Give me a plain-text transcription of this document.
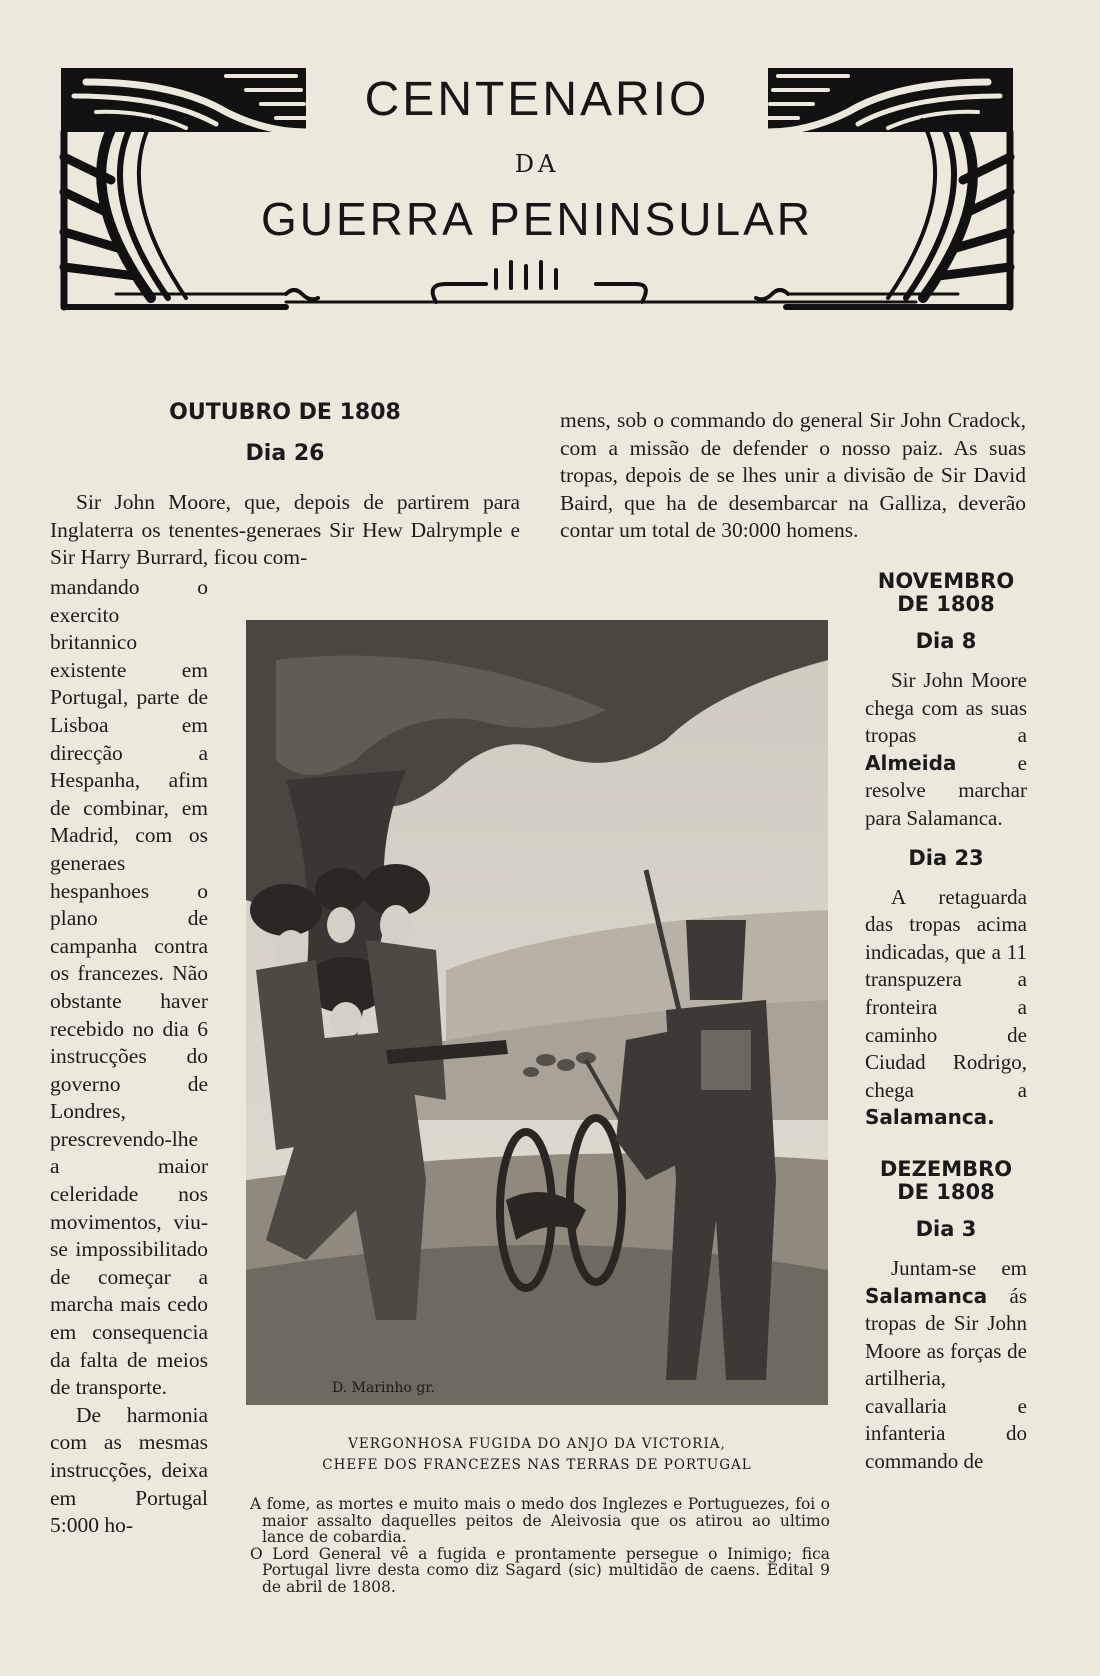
CENTENARIO
DA
GUERRA PENINSULAR
OUTUBRO DE 1808
Dia 26

Sir John Moore, que, depois de partirem para Inglaterra os tenentes-generaes Sir Hew Dalrymple e Sir Harry Burrard, ficou com-

mandando o exercito britannico existente em Portugal, parte de Lisboa em direcção a Hespanha, afim de combinar, em Madrid, com os generaes hespanhoes o plano de campanha contra os francezes. Não obstante haver recebido no dia 6 instrucções do governo de Londres, prescrevendo-lhe a maior celeridade nos movimentos, viu-se impossibilitado de começar a marcha mais cedo em consequencia da falta de meios de transporte.

De harmonia com as mesmas instrucções, deixa em Portugal 5:000 ho-

mens, sob o commando do general Sir John Cradock, com a missão de defender o nosso paiz. As suas tropas, depois de se lhes unir a divisão de Sir David Baird, que ha de desembarcar na Galliza, deverão contar um total de 30:000 homens.

D. Marinho gr.
VERGONHOSA FUGIDA DO ANJO DA VICTORIA,
CHEFE DOS FRANCEZES NAS TERRAS DE PORTUGAL
A fome, as mortes e muito mais o medo dos Inglezes e Portuguezes, foi o maior assalto daquelles peitos de Aleivosia que os atirou ao ultimo lance de cobardia.
O Lord General vê a fugida e prontamente persegue o Inimigo; fica Portugal livre desta como diz Sagard (sic) multidão de caens. Edital 9 de abril de 1808.
NOVEMBRO DE 1808
Dia 8

Sir John Moore chega com as suas tropas a Almeida e resolve marchar para Salamanca.

Dia 23

A retaguarda das tropas acima indicadas, que a 11 transpuzera a fronteira a caminho de Ciudad Rodrigo, chega a Salamanca.

DEZEMBRO DE 1808
Dia 3

Juntam-se em Salamanca ás tropas de Sir John Moore as forças de artilheria, cavallaria e infanteria do commando de
